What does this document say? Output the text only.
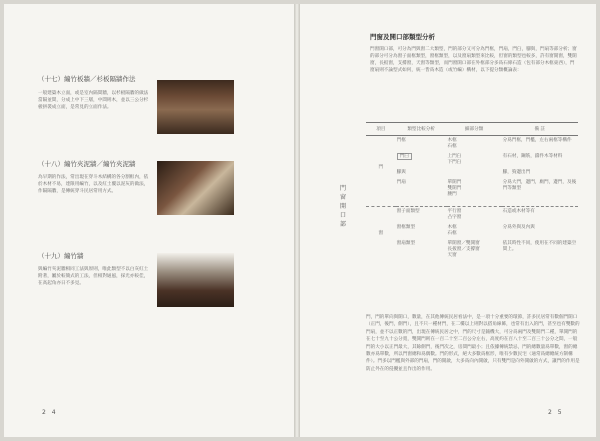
（十七）編竹板牆／杉板隔牆作法
一般建築木立面，或是室內隔間牆，以杉板隔牆的做法當隔並間，分成上中下三層，中間則木，並以三公分杉板拼裝成立面，是常見的立面作法。
（十八）編竹夾泥牆／編竹夾泥牆
為早期的作法，常出現在穿斗木結構的各分割框內，依於木材不易，達限用編竹，以及紅土覆以泥灰的做法，作隔隔牆，是傳統穿斗民居常用方式。
（十九）編竹牆
與編竹夾泥牆相同工法與原則，唯此類型不以白灰紅土附著，屬於較簡式的工法，但相對通風，採光亦較佳，在高起角亦日不多見。
2 4
門窗及開口部類型分析
門窗開口部，可分為門與窗二大類型，門的部分又可分為門框，門扇，門臼，腳與，門扇等部分析；窗的部分可分為窗子面框類型，窗框類型，以及窗扇類型來比較，但窗的類型也較多，許有窗開窗，雙開窗，長扳窗，支撐窗，天窗等類型，而門窗開口部在外框部分多爲石條石造（包有部分木框東西），門窗扇則不論型式如何，統一皆爲木造（或竹編）構材，以下提分類概論表：
門窗開口部
項目	類型比較分析	細部分類	備 註
門	門框	木框
石框	分爲門框，門檻，左右兩框等構件
	門臼	上門臼
下門臼	有石材，鋼筋，鑄件木等材料
	腳與		腳，狗邊出門
	門扇	單開門
雙開門
腰門	分爲大門，邊門，廁門，邊門，及後門等類型

窗	窗子面類型	平行窗
凸字窗	石造或木材等有
	窗框類型	木框
石框	分爲外與及內與
	窗扇類型	單開窗／雙開窗
長扳窗／支撐窗
天窗	依其時性不同，使用在不同的建築空間上。
門，門的單向與開口，數量，在其他傳統民居看法中，是一項十分重要的環節，許多民居常有數個門開口（正門，後門，側門），且不只一種材門，在二樓以上則對以搭角線飾，也常有出入的門，甚至也有雙數的門扇，並不以正數的門，出現在傳統民居之中，門的尺寸是隨機大，可分爲兩門及雙開門二種，單開門的在七十至九十公分寬，雙開門則在一百二十至二百公分左右，高度約在百八十至二百三十公分之間，一般門的大小以正門最大，其餘側門，後門次之，房間門最小；且依據傳統禁忌，門的總數量爲單數，窗的總數亦爲單數，所以門窗總和爲偶數。門的形式，絕大多數爲框形，唯有少數民宅（通常爲總總統方制構件）。門多以門檻與外部的門扇，門的開啟，大多爲向內開啟，只有雙門是向外開啟的方式，讓門的作用是防止外在的侵擾並且作出的作用。
2 5
